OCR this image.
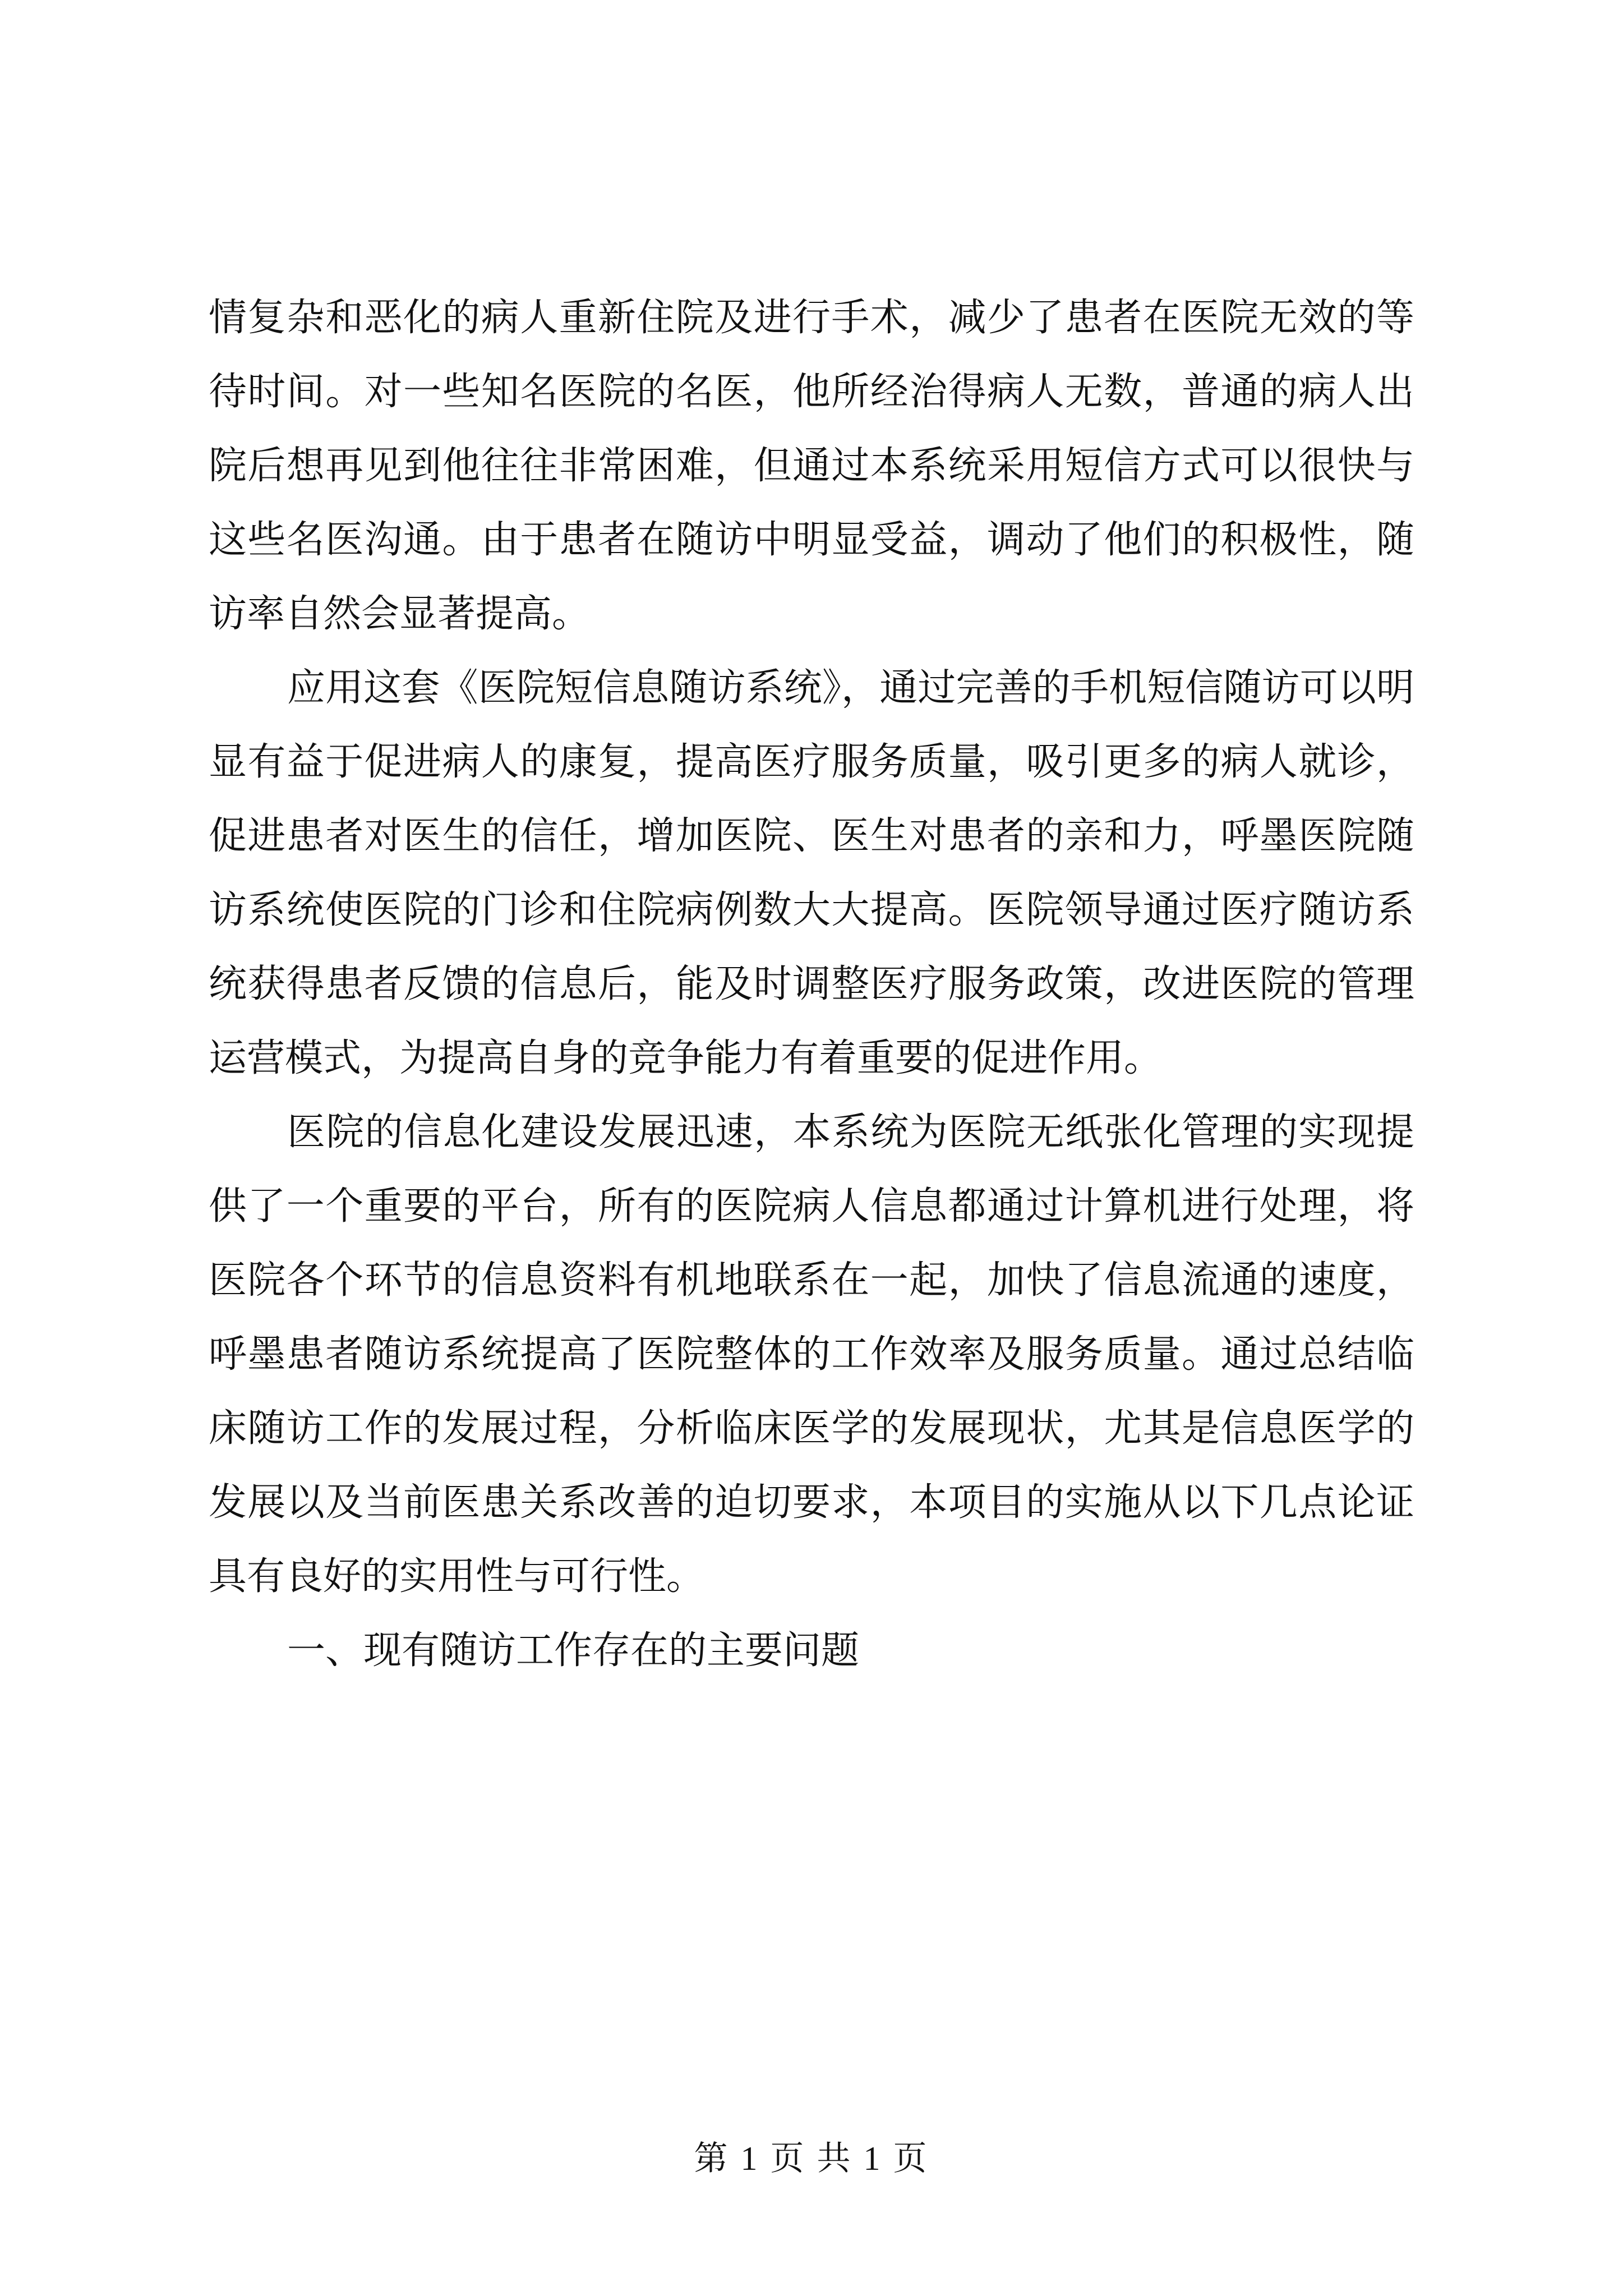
情复杂和恶化的病人重新住院及进行手术，减少了患者在医院无效的等待时间。对一些知名医院的名医，他所经治得病人无数，普通的病人出院后想再见到他往往非常困难，但通过本系统采用短信方式可以很快与这些名医沟通。由于患者在随访中明显受益，调动了他们的积极性，随访率自然会显著提高。

应用这套《医院短信息随访系统》，通过完善的手机短信随访可以明显有益于促进病人的康复，提高医疗服务质量，吸引更多的病人就诊，促进患者对医生的信任，增加医院、医生对患者的亲和力，呼墨医院随访系统使医院的门诊和住院病例数大大提高。医院领导通过医疗随访系统获得患者反馈的信息后，能及时调整医疗服务政策，改进医院的管理运营模式，为提高自身的竞争能力有着重要的促进作用。

医院的信息化建设发展迅速，本系统为医院无纸张化管理的实现提供了一个重要的平台，所有的医院病人信息都通过计算机进行处理，将医院各个环节的信息资料有机地联系在一起，加快了信息流通的速度，呼墨患者随访系统提高了医院整体的工作效率及服务质量。通过总结临床随访工作的发展过程，分析临床医学的发展现状，尤其是信息医学的发展以及当前医患关系改善的迫切要求，本项目的实施从以下几点论证具有良好的实用性与可行性。

一、现有随访工作存在的主要问题
第 1 页 共 1 页
